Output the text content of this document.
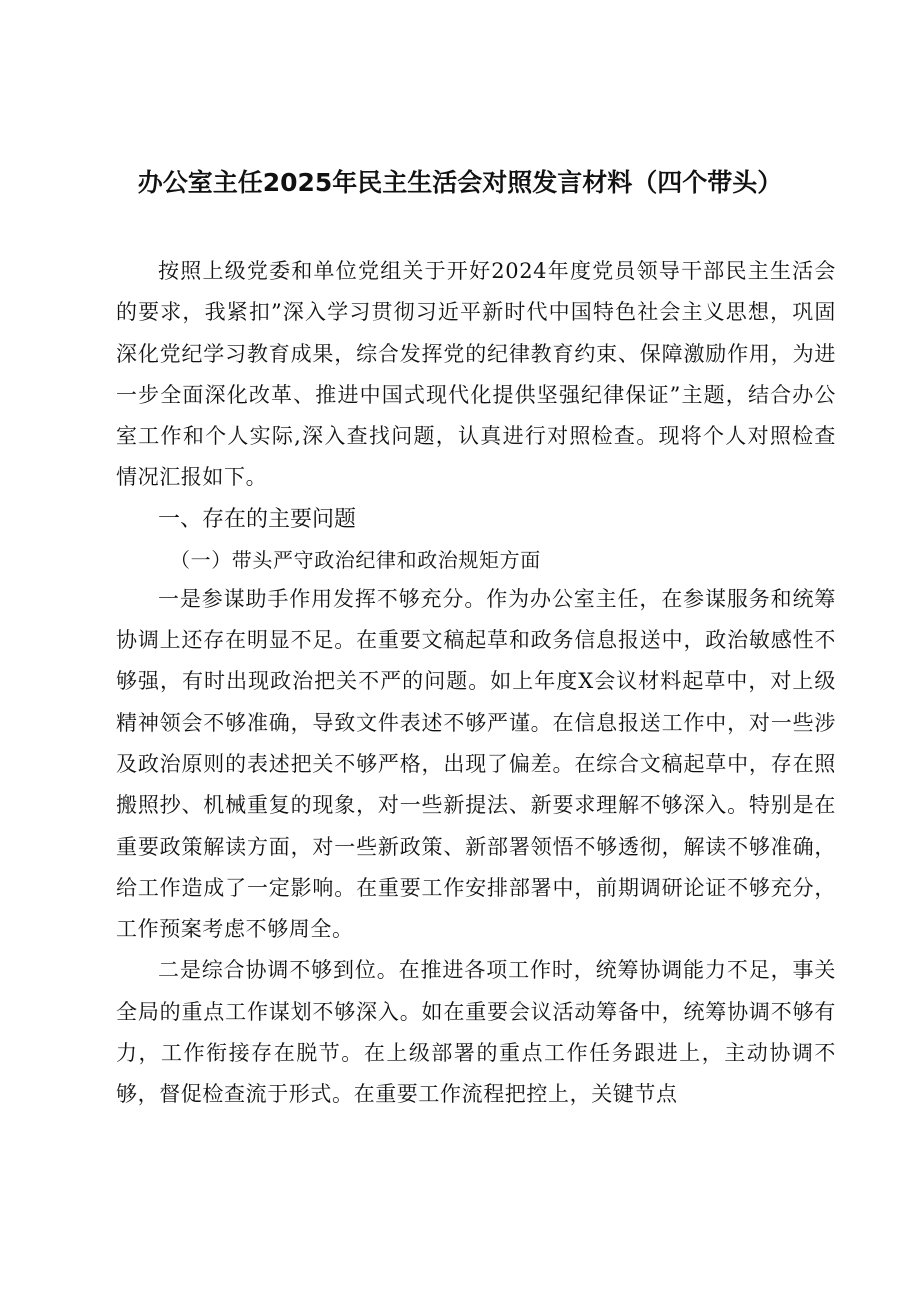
办公室主任2025年民主生活会对照发言材料（四个带头）

按照上级党委和单位党组关于开好2024年度党员领导干部民主生活会的要求，我紧扣”深入学习贯彻习近平新时代中国特色社会主义思想，巩固深化党纪学习教育成果，综合发挥党的纪律教育约束、保障激励作用，为进一步全面深化改革、推进中国式现代化提供坚强纪律保证”主题，结合办公室工作和个人实际,深入查找问题，认真进行对照检查。现将个人对照检查情况汇报如下。

一、存在的主要问题

（一）带头严守政治纪律和政治规矩方面

一是参谋助手作用发挥不够充分。作为办公室主任，在参谋服务和统筹协调上还存在明显不足。在重要文稿起草和政务信息报送中，政治敏感性不够强，有时出现政治把关不严的问题。如上年度X会议材料起草中，对上级精神领会不够准确，导致文件表述不够严谨。在信息报送工作中，对一些涉及政治原则的表述把关不够严格，出现了偏差。在综合文稿起草中，存在照搬照抄、机械重复的现象，对一些新提法、新要求理解不够深入。特别是在重要政策解读方面，对一些新政策、新部署领悟不够透彻，解读不够准确，给工作造成了一定影响。在重要工作安排部署中，前期调研论证不够充分，工作预案考虑不够周全。

二是综合协调不够到位。在推进各项工作时，统筹协调能力不足，事关全局的重点工作谋划不够深入。如在重要会议活动筹备中，统筹协调不够有力，工作衔接存在脱节。在上级部署的重点工作任务跟进上，主动协调不够，督促检查流于形式。在重要工作流程把控上，关键节点
